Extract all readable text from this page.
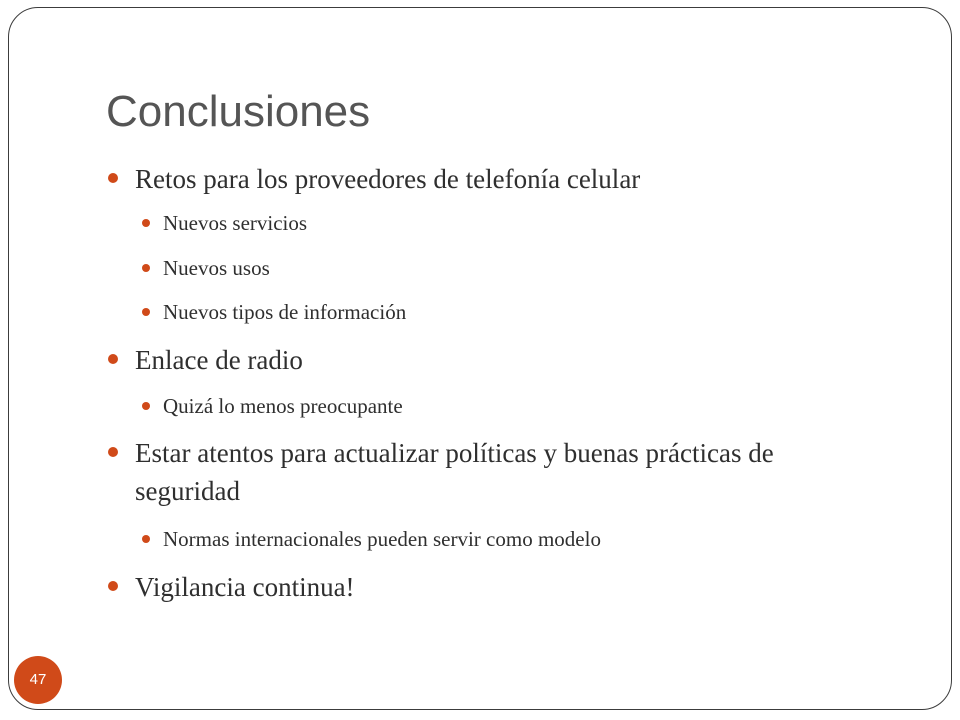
Conclusiones
Retos para los proveedores de telefonía celular
Nuevos servicios
Nuevos usos
Nuevos tipos de información
Enlace de radio
Quizá lo menos preocupante
Estar atentos para actualizar políticas y buenas prácticas de seguridad
Normas internacionales pueden servir como modelo
Vigilancia continua!
47
